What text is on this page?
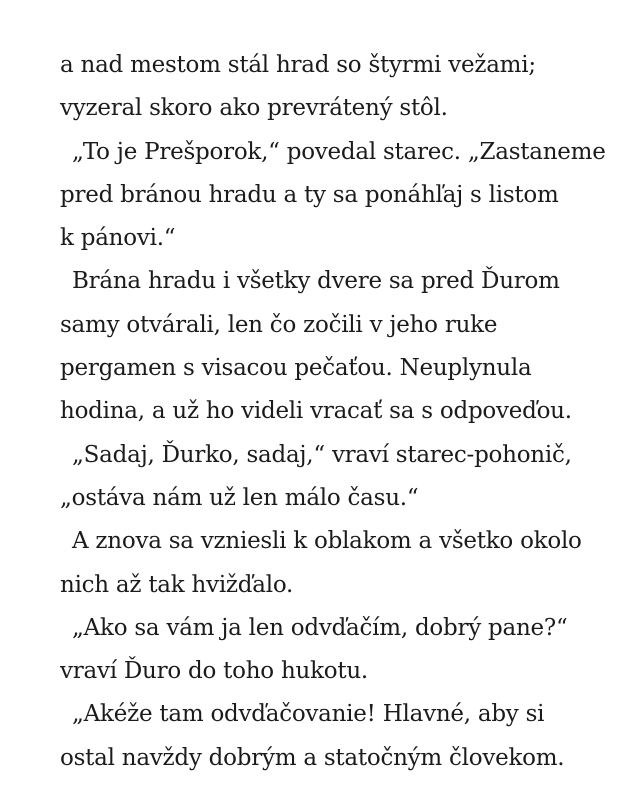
a nad mestom stál hrad so štyrmi vežami;
vyzeral skoro ako prevrátený stôl.
„To je Prešporok,“ povedal starec. „Zastaneme
pred bránou hradu a ty sa ponáhľaj s listom
k pánovi.“
Brána hradu i všetky dvere sa pred Ďurom
samy otvárali, len čo zočili v jeho ruke
pergamen s visacou pečaťou. Neuplynula
hodina, a už ho videli vracať sa s odpoveďou.
„Sadaj, Ďurko, sadaj,“ vraví starec-pohonič,
„ostáva nám už len málo času.“
A znova sa vzniesli k oblakom a všetko okolo
nich až tak hvižďalo.
„Ako sa vám ja len odvďačím, dobrý pane?“
vraví Ďuro do toho hukotu.
„Akéže tam odvďačovanie! Hlavné, aby si
ostal navždy dobrým a statočným človekom.
